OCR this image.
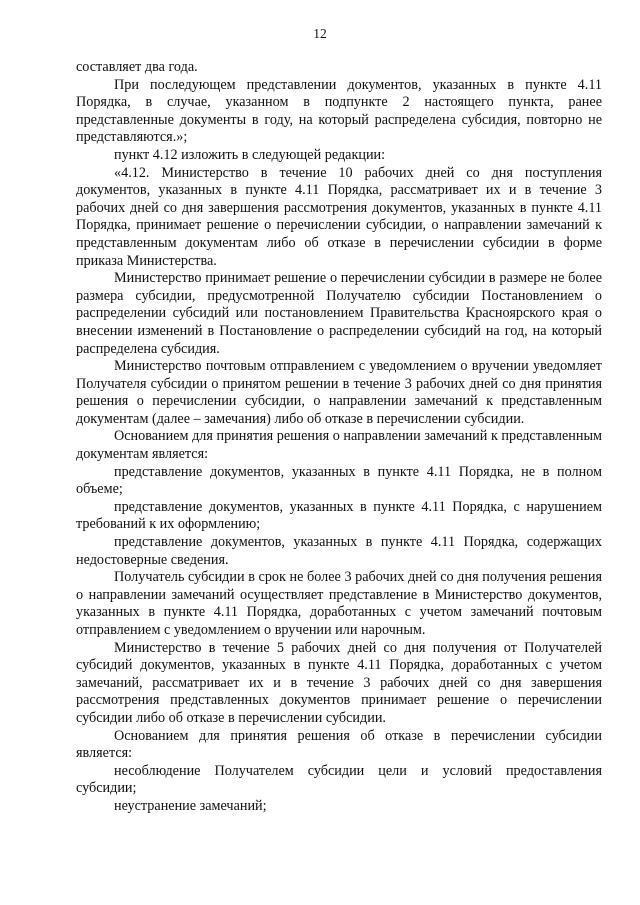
12

составляет два года.

При последующем представлении документов, указанных в пункте 4.11 Порядка, в случае, указанном в подпункте 2 настоящего пункта, ранее представленные документы в году, на который распределена субсидия, повторно не представляются.»;

пункт 4.12 изложить в следующей редакции:

«4.12. Министерство в течение 10 рабочих дней со дня поступления документов, указанных в пункте 4.11 Порядка, рассматривает их и в течение 3 рабочих дней со дня завершения рассмотрения документов, указанных в пункте 4.11 Порядка, принимает решение о перечислении субсидии, о направлении замечаний к представленным документам либо об отказе в перечислении субсидии в форме приказа Министерства.

Министерство принимает решение о перечислении субсидии в размере не более размера субсидии, предусмотренной Получателю субсидии Постановлением о распределении субсидий или постановлением Правительства Красноярского края о внесении изменений в Постановление о распределении субсидий на год, на который распределена субсидия.

Министерство почтовым отправлением с уведомлением о вручении уведомляет Получателя субсидии о принятом решении в течение 3 рабочих дней со дня принятия решения о перечислении субсидии, о направлении замечаний к представленным документам (далее – замечания) либо об отказе в перечислении субсидии.

Основанием для принятия решения о направлении замечаний к представленным документам является:

представление документов, указанных в пункте 4.11 Порядка, не в полном объеме;

представление документов, указанных в пункте 4.11 Порядка, с нарушением требований к их оформлению;

представление документов, указанных в пункте 4.11 Порядка, содержащих недостоверные сведения.

Получатель субсидии в срок не более 3 рабочих дней со дня получения решения о направлении замечаний осуществляет представление в Министерство документов, указанных в пункте 4.11 Порядка, доработанных с учетом замечаний почтовым отправлением с уведомлением о вручении или нарочным.

Министерство в течение 5 рабочих дней со дня получения от Получателей субсидий документов, указанных в пункте 4.11 Порядка, доработанных с учетом замечаний, рассматривает их и в течение 3 рабочих дней со дня завершения рассмотрения представленных документов принимает решение о перечислении субсидии либо об отказе в перечислении субсидии.

Основанием для принятия решения об отказе в перечислении субсидии является:

несоблюдение Получателем субсидии цели и условий предоставления субсидии;

неустранение замечаний;
